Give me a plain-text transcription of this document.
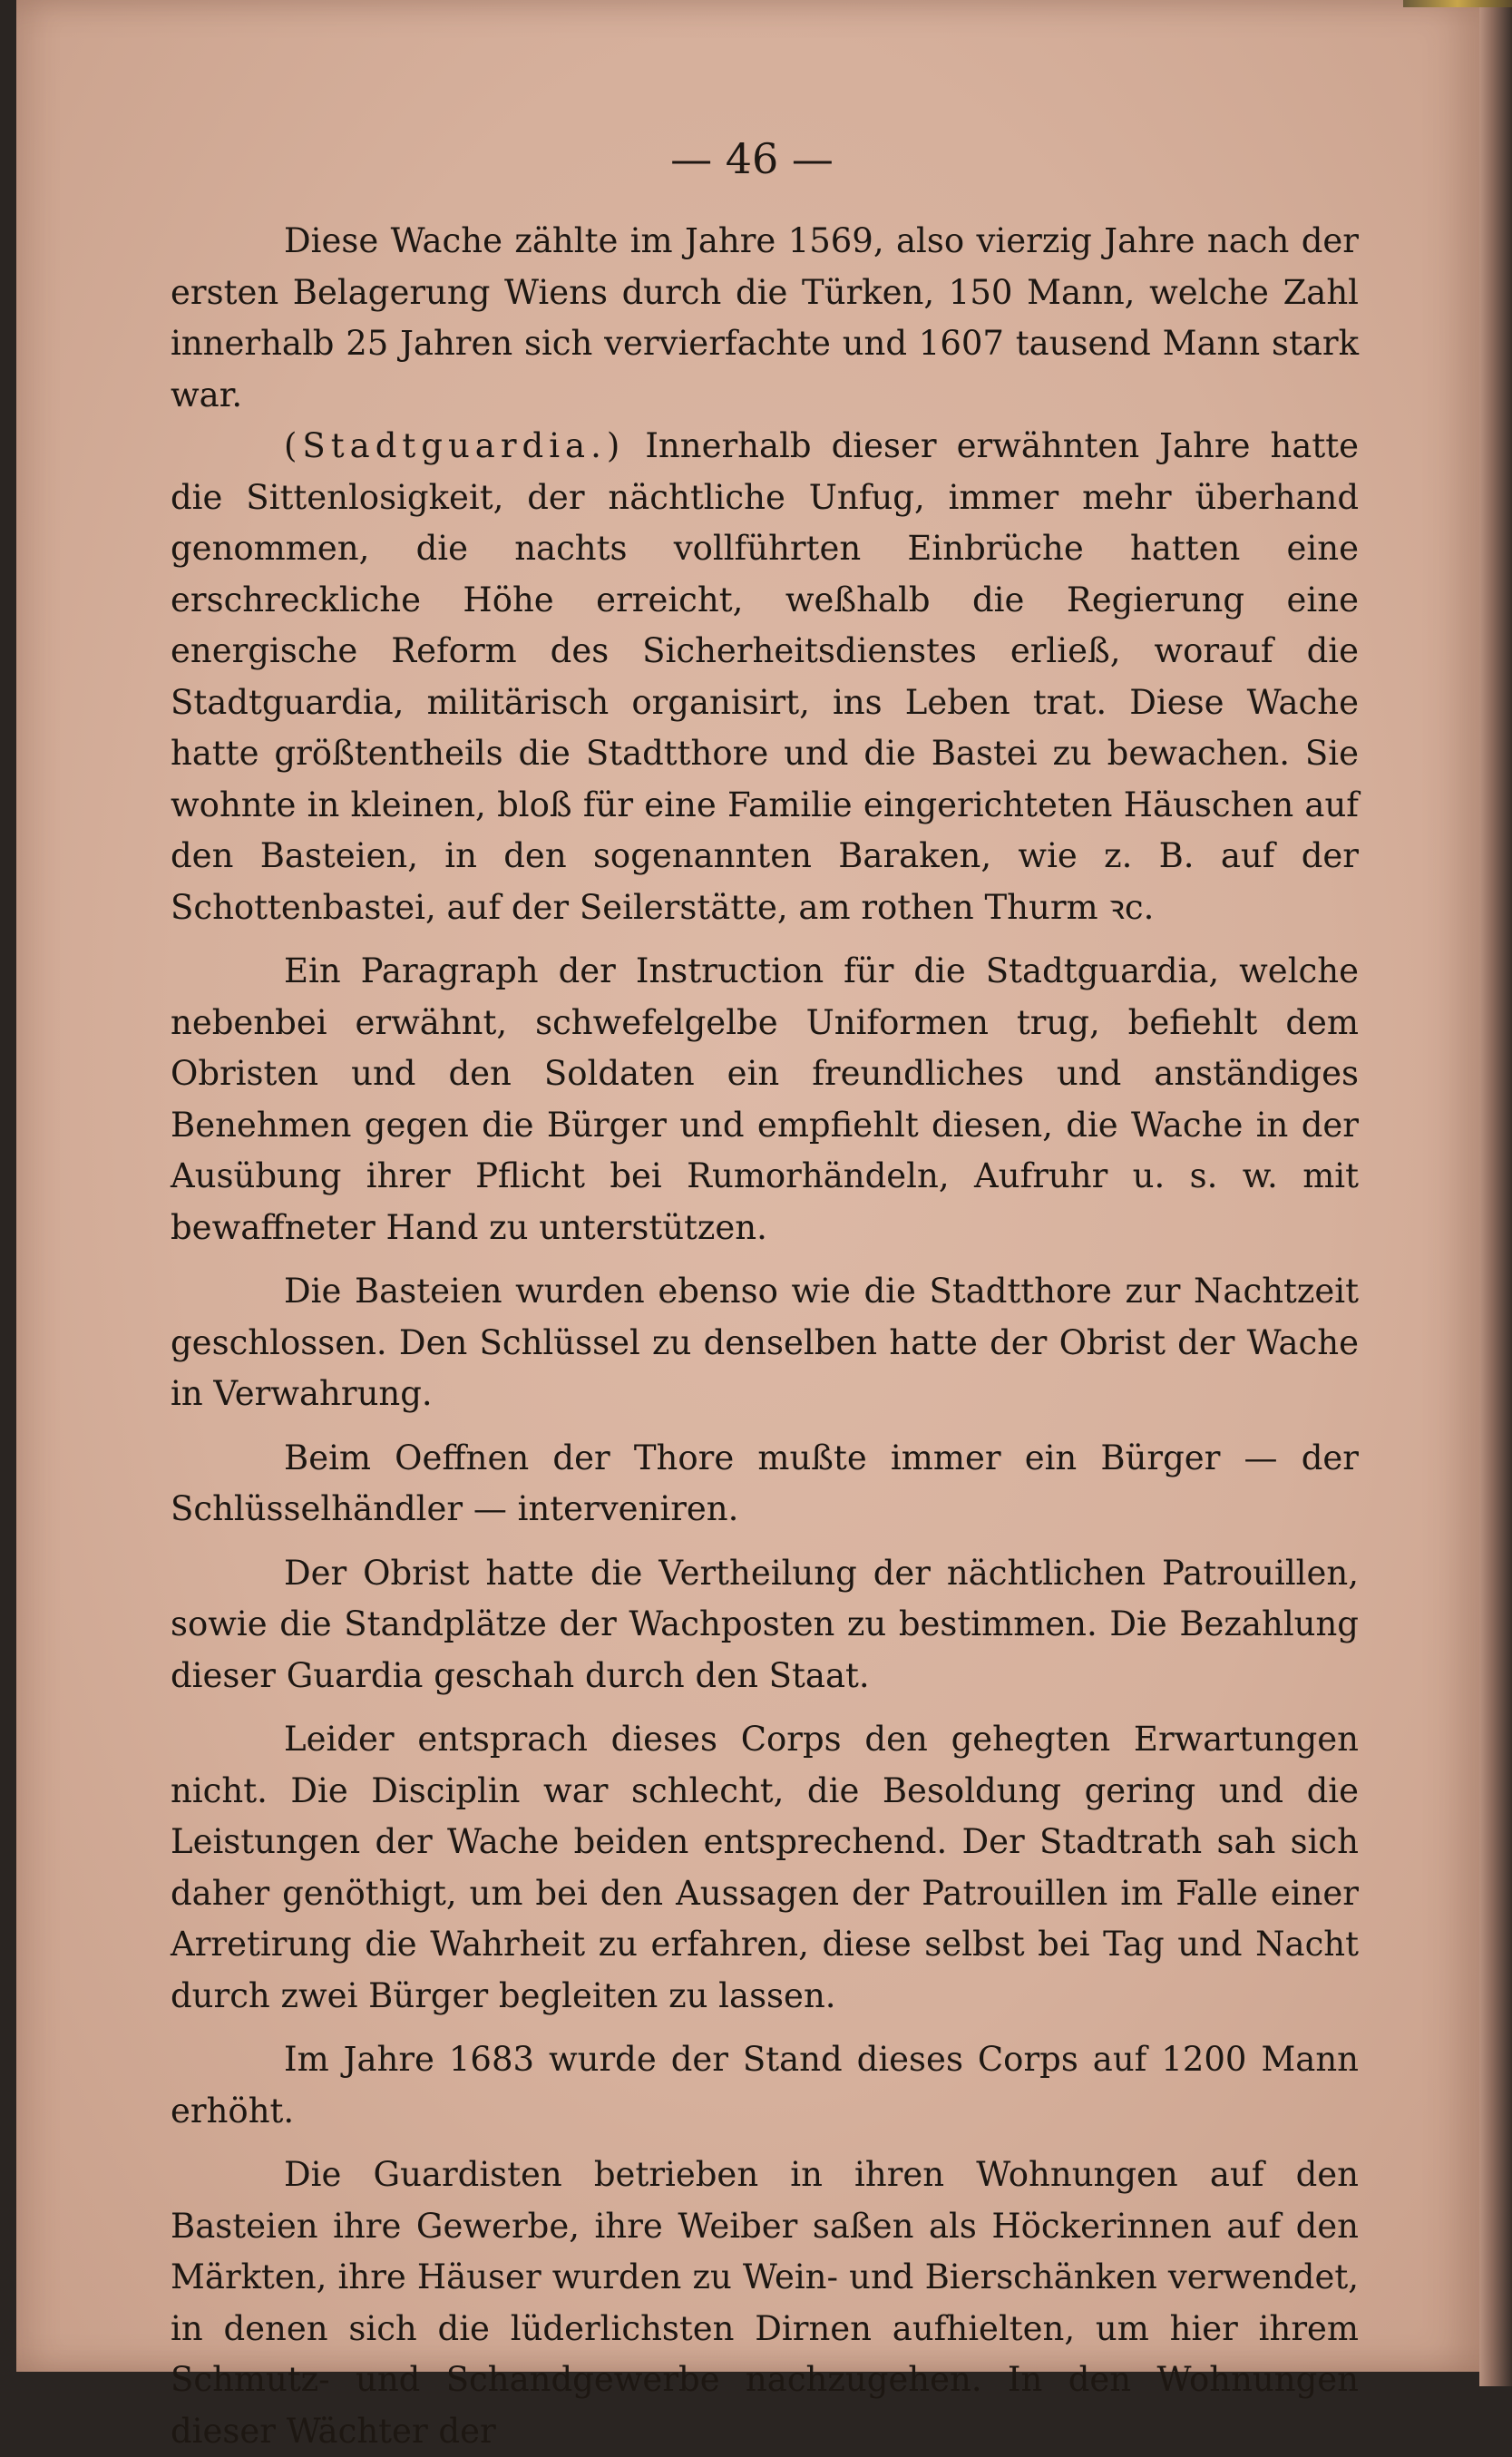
— 46 —

Diese Wache zählte im Jahre 1569, also vierzig Jahre nach der ersten Belagerung Wiens durch die Türken, 150 Mann, welche Zahl innerhalb 25 Jahren sich vervierfachte und 1607 tausend Mann stark war.

(Stadtguardia.) Innerhalb dieser erwähnten Jahre hatte die Sittenlosigkeit, der nächtliche Unfug, immer mehr überhand genommen, die nachts vollführten Einbrüche hatten eine erschreckliche Höhe erreicht, weßhalb die Regierung eine energische Reform des Sicherheitsdienstes erließ, worauf die Stadtguardia, militärisch organisirt, ins Leben trat. Diese Wache hatte größtentheils die Stadtthore und die Bastei zu bewachen. Sie wohnte in kleinen, bloß für eine Familie eingerichteten Häuschen auf den Basteien, in den sogenannten Baraken, wie z. B. auf der Schottenbastei, auf der Seilerstätte, am rothen Thurm ꝛc.

Ein Paragraph der Instruction für die Stadtguardia, welche nebenbei erwähnt, schwefelgelbe Uniformen trug, befiehlt dem Obristen und den Soldaten ein freundliches und anständiges Benehmen gegen die Bürger und empfiehlt diesen, die Wache in der Ausübung ihrer Pflicht bei Rumorhändeln, Aufruhr u. s. w. mit bewaffneter Hand zu unterstützen.

Die Basteien wurden ebenso wie die Stadtthore zur Nachtzeit geschlossen. Den Schlüssel zu denselben hatte der Obrist der Wache in Verwahrung.

Beim Oeffnen der Thore mußte immer ein Bürger — der Schlüsselhändler — interveniren.

Der Obrist hatte die Vertheilung der nächtlichen Patrouillen, sowie die Standplätze der Wachposten zu bestimmen. Die Bezahlung dieser Guardia geschah durch den Staat.

Leider entsprach dieses Corps den gehegten Erwartungen nicht. Die Disciplin war schlecht, die Besoldung gering und die Leistungen der Wache beiden entsprechend. Der Stadtrath sah sich daher genöthigt, um bei den Aussagen der Patrouillen im Falle einer Arretirung die Wahrheit zu erfahren, diese selbst bei Tag und Nacht durch zwei Bürger begleiten zu lassen.

Im Jahre 1683 wurde der Stand dieses Corps auf 1200 Mann erhöht.

Die Guardisten betrieben in ihren Wohnungen auf den Basteien ihre Gewerbe, ihre Weiber saßen als Höckerinnen auf den Märkten, ihre Häuser wurden zu Wein- und Bierschänken verwendet, in denen sich die lüderlichsten Dirnen aufhielten, um hier ihrem Schmutz- und Schandgewerbe nachzugehen. In den Wohnungen dieser Wächter der
